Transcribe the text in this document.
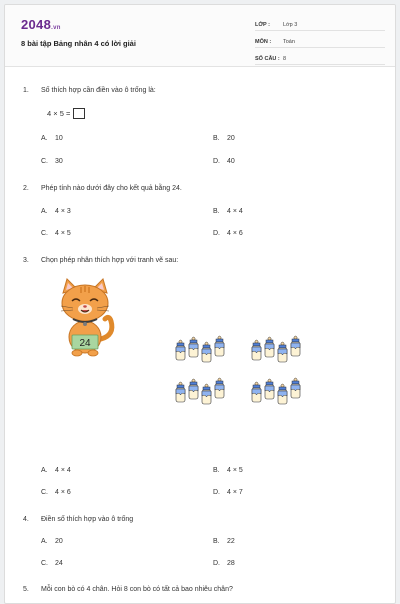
2048.vn
8 bài tập Bảng nhân 4 có lời giải
LỚP :	Lớp 3
MÔN :	Toán
SỐ CÂU : 8
1. Số thích hợp cần điền vào ô trống là:
4 × 5 =
A. 10	B. 20
C. 30	D. 40
2. Phép tính nào dưới đây cho kết quả bằng 24.
A. 4 × 3	B. 4 × 4
C. 4 × 5	D. 4 × 6
3. Chọn phép nhân thích hợp với tranh vẽ sau:
24
A. 4 × 4	B. 4 × 5
C. 4 × 6	D. 4 × 7
4. Điền số thích hợp vào ô trống
A. 20	B. 22
C. 24	D. 28
5. Mỗi con bò có 4 chân. Hỏi 8 con bò có tất cả bao nhiêu chân?
